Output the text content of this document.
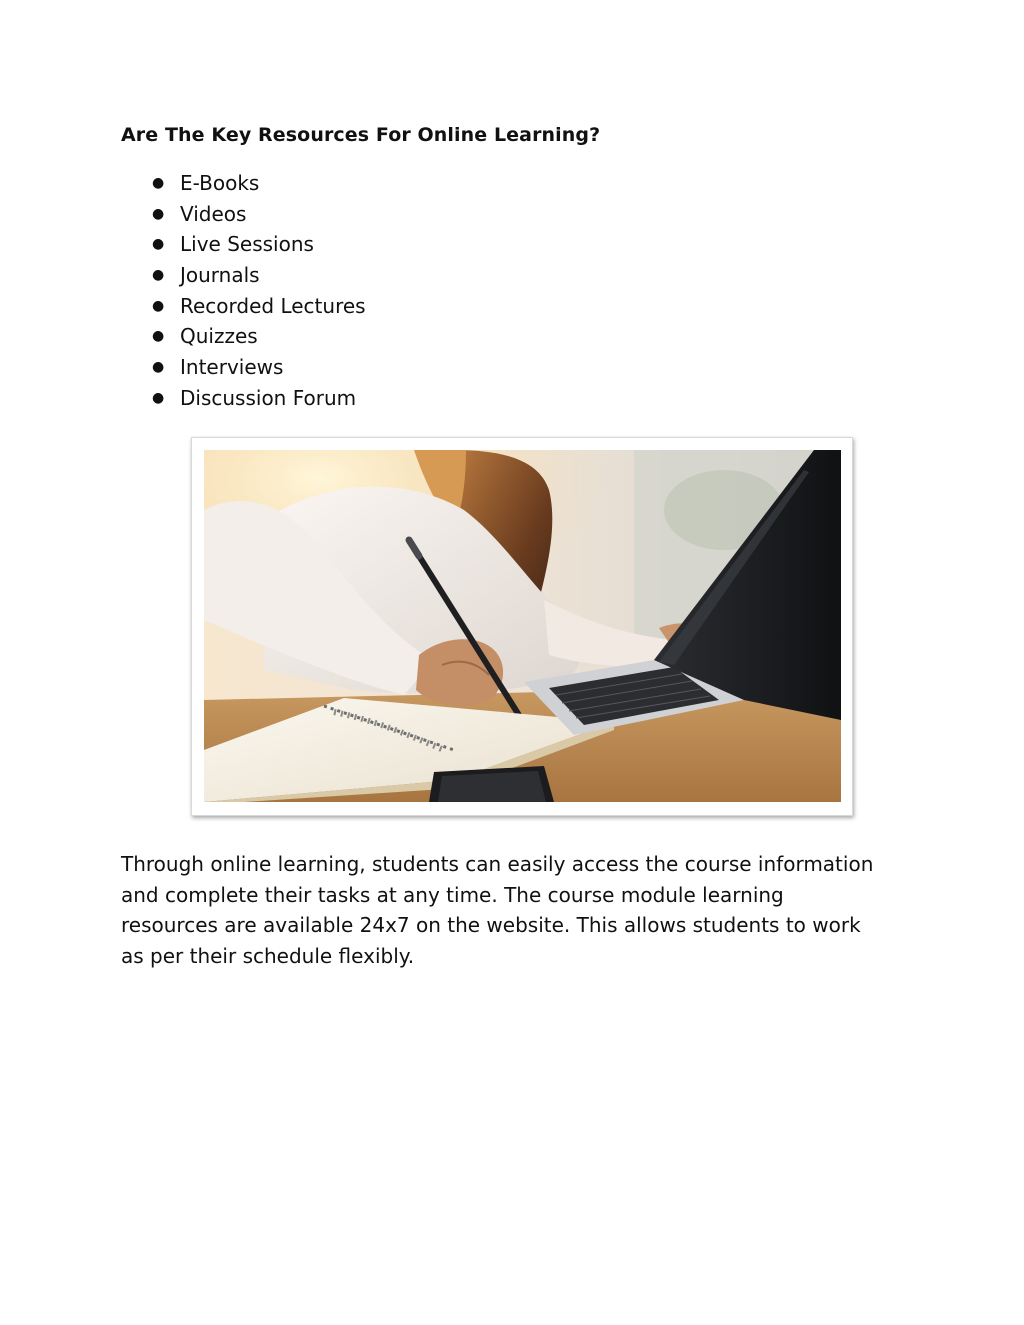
Are The Key Resources For Online Learning?
● E-Books
● Videos
● Live Sessions
● Journals
● Recorded Lectures
● Quizzes
● Interviews
● Discussion Forum

Through online learning, students can easily access the course information
and complete their tasks at any time. The course module learning
resources are available 24x7 on the website. This allows students to work
as per their schedule flexibly.
